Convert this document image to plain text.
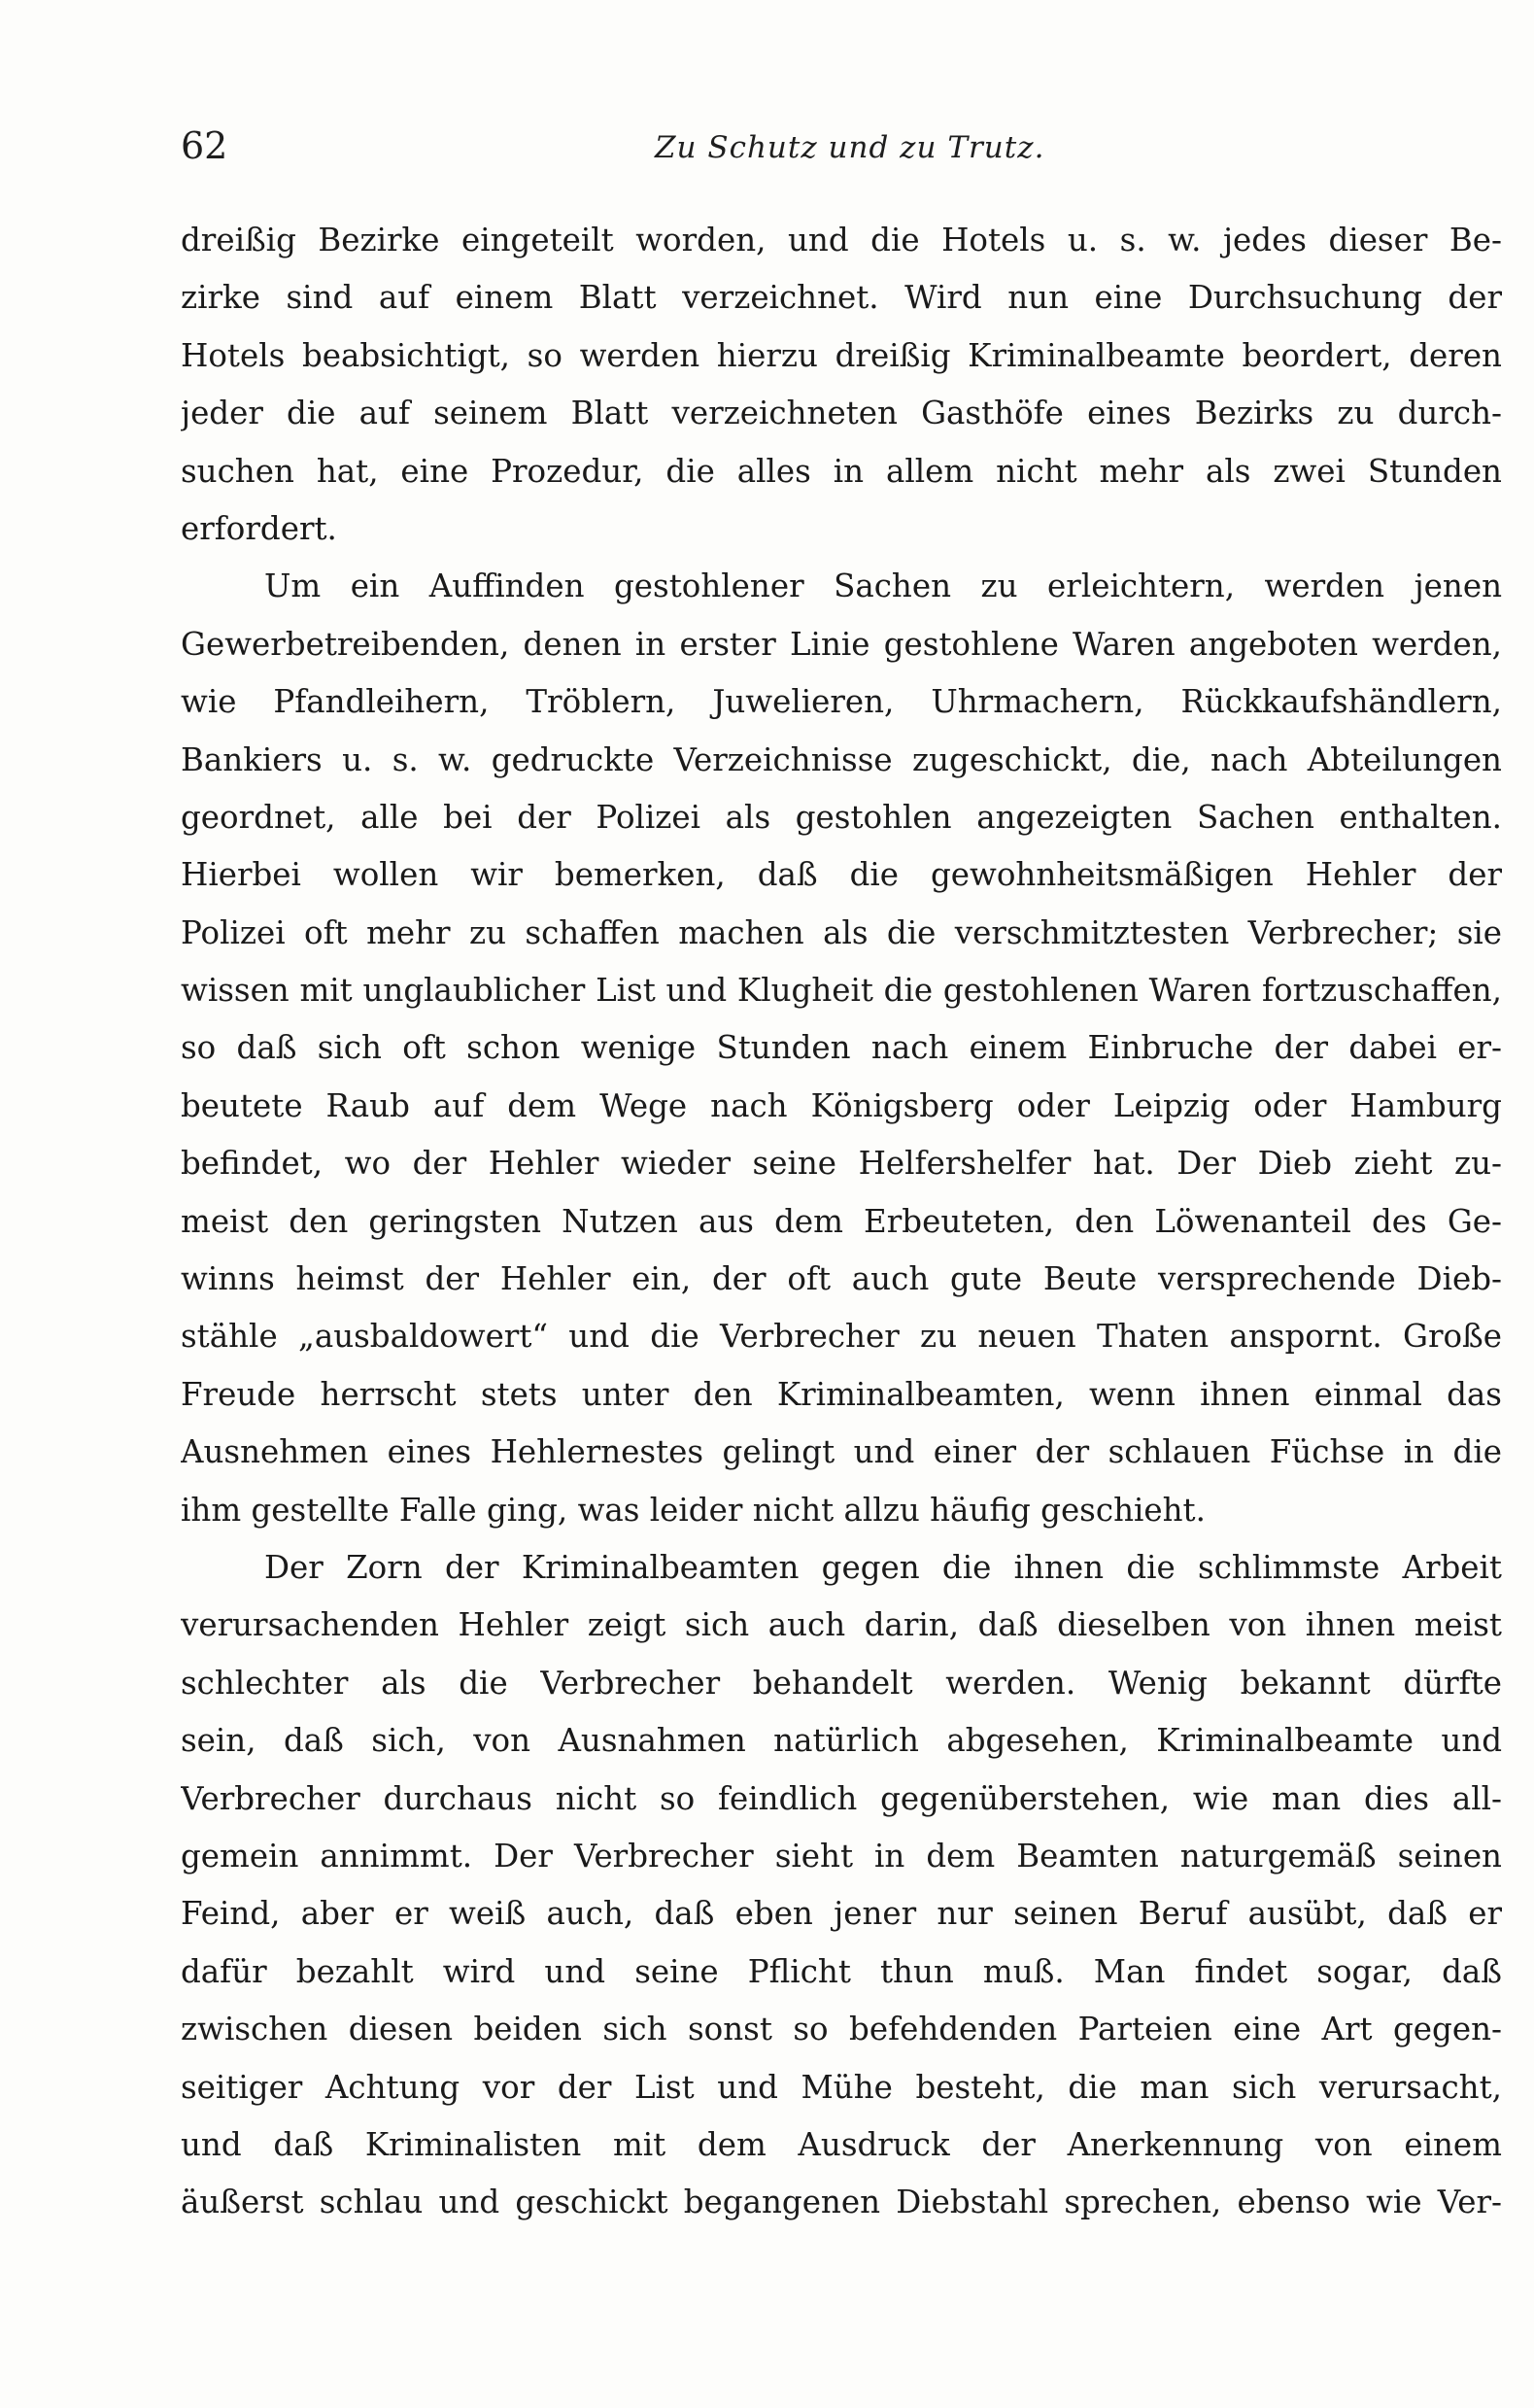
62	Zu Schutz und zu Trutz.
dreißig Bezirke eingeteilt worden, und die Hotels u. s. w. jedes dieser Be-
zirke sind auf einem Blatt verzeichnet. Wird nun eine Durchsuchung der
Hotels beabsichtigt, so werden hierzu dreißig Kriminalbeamte beordert, deren
jeder die auf seinem Blatt verzeichneten Gasthöfe eines Bezirks zu durch-
suchen hat, eine Prozedur, die alles in allem nicht mehr als zwei Stunden
erfordert.
Um ein Auffinden gestohlener Sachen zu erleichtern, werden jenen
Gewerbetreibenden, denen in erster Linie gestohlene Waren angeboten werden,
wie Pfandleihern, Tröblern, Juwelieren, Uhrmachern, Rückkaufshändlern,
Bankiers u. s. w. gedruckte Verzeichnisse zugeschickt, die, nach Abteilungen
geordnet, alle bei der Polizei als gestohlen angezeigten Sachen enthalten.
Hierbei wollen wir bemerken, daß die gewohnheitsmäßigen Hehler der
Polizei oft mehr zu schaffen machen als die verschmitztesten Verbrecher; sie
wissen mit unglaublicher List und Klugheit die gestohlenen Waren fortzuschaffen,
so daß sich oft schon wenige Stunden nach einem Einbruche der dabei er-
beutete Raub auf dem Wege nach Königsberg oder Leipzig oder Hamburg
befindet, wo der Hehler wieder seine Helfershelfer hat. Der Dieb zieht zu-
meist den geringsten Nutzen aus dem Erbeuteten, den Löwenanteil des Ge-
winns heimst der Hehler ein, der oft auch gute Beute versprechende Dieb-
stähle „ausbaldowert“ und die Verbrecher zu neuen Thaten anspornt. Große
Freude herrscht stets unter den Kriminalbeamten, wenn ihnen einmal das
Ausnehmen eines Hehlernestes gelingt und einer der schlauen Füchse in die
ihm gestellte Falle ging, was leider nicht allzu häufig geschieht.
Der Zorn der Kriminalbeamten gegen die ihnen die schlimmste Arbeit
verursachenden Hehler zeigt sich auch darin, daß dieselben von ihnen meist
schlechter als die Verbrecher behandelt werden. Wenig bekannt dürfte
sein, daß sich, von Ausnahmen natürlich abgesehen, Kriminalbeamte und
Verbrecher durchaus nicht so feindlich gegenüberstehen, wie man dies all-
gemein annimmt. Der Verbrecher sieht in dem Beamten naturgemäß seinen
Feind, aber er weiß auch, daß eben jener nur seinen Beruf ausübt, daß er
dafür bezahlt wird und seine Pflicht thun muß. Man findet sogar, daß
zwischen diesen beiden sich sonst so befehdenden Parteien eine Art gegen-
seitiger Achtung vor der List und Mühe besteht, die man sich verursacht,
und daß Kriminalisten mit dem Ausdruck der Anerkennung von einem
äußerst schlau und geschickt begangenen Diebstahl sprechen, ebenso wie Ver-
